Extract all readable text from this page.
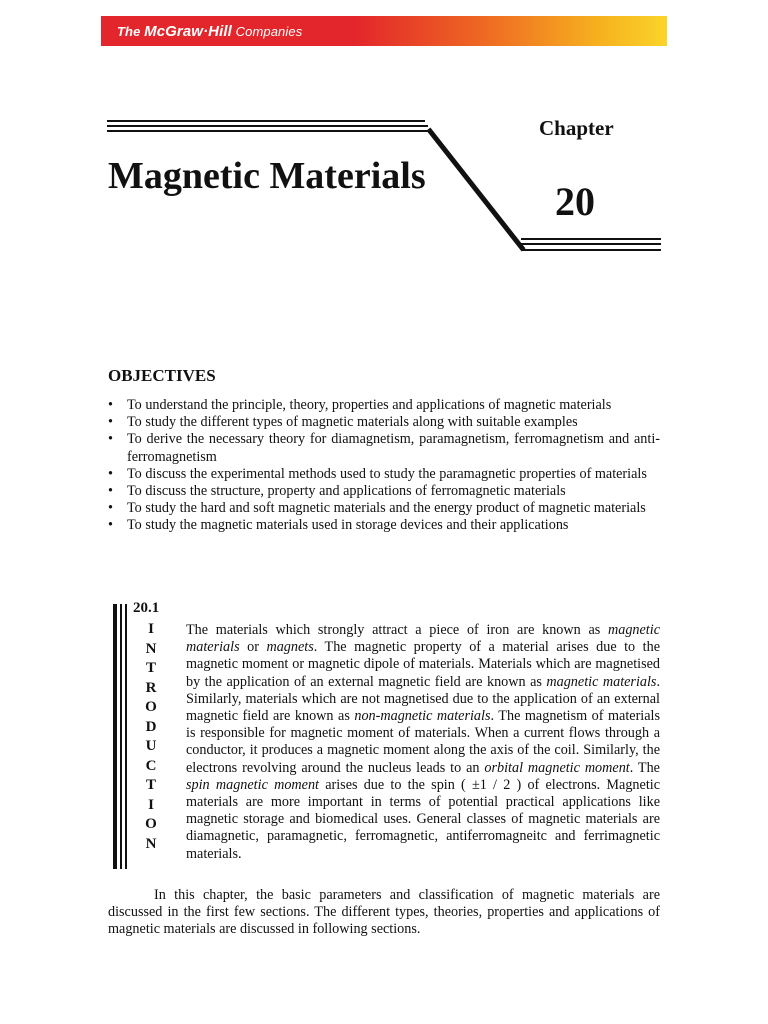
The McGraw·Hill Companies
Chapter
20
Magnetic Materials
OBJECTIVES
• To understand the principle, theory, properties and applications of magnetic materials
• To study the different types of magnetic materials along with suitable examples
• To derive the necessary theory for diamagnetism, paramagnetism, ferromagnetism and anti-ferromagnetism
• To discuss the experimental methods used to study the paramagnetic properties of materials
• To discuss the structure, property and applications of ferromagnetic materials
• To study the hard and soft magnetic materials and the energy product of magnetic materials
• To study the magnetic materials used in storage devices and their applications
20.1
I
N
T
R
O
D
U
C
T
I
O
N

The materials which strongly attract a piece of iron are known as magnetic materials or magnets. The magnetic property of a material arises due to the magnetic moment or magnetic dipole of materials. Materials which are magnetised by the application of an external magnetic field are known as magnetic materials. Similarly, materials which are not magnetised due to the application of an external magnetic field are known as non-magnetic materials. The magnetism of materials is responsible for magnetic moment of materials. When a current flows through a conductor, it produces a magnetic moment along the axis of the coil. Similarly, the electrons revolving around the nucleus leads to an orbital magnetic moment. The spin magnetic moment arises due to the spin ( ±1 / 2 ) of electrons. Magnetic materials are more important in terms of potential practical applications like magnetic storage and biomedical uses. General classes of magnetic materials are diamagnetic, paramagnetic, ferromagnetic, antiferromagneitc and ferrimagnetic materials.

In this chapter, the basic parameters and classification of magnetic materials are discussed in the first few sections. The different types, theories, properties and applications of magnetic materials are discussed in following sections.
